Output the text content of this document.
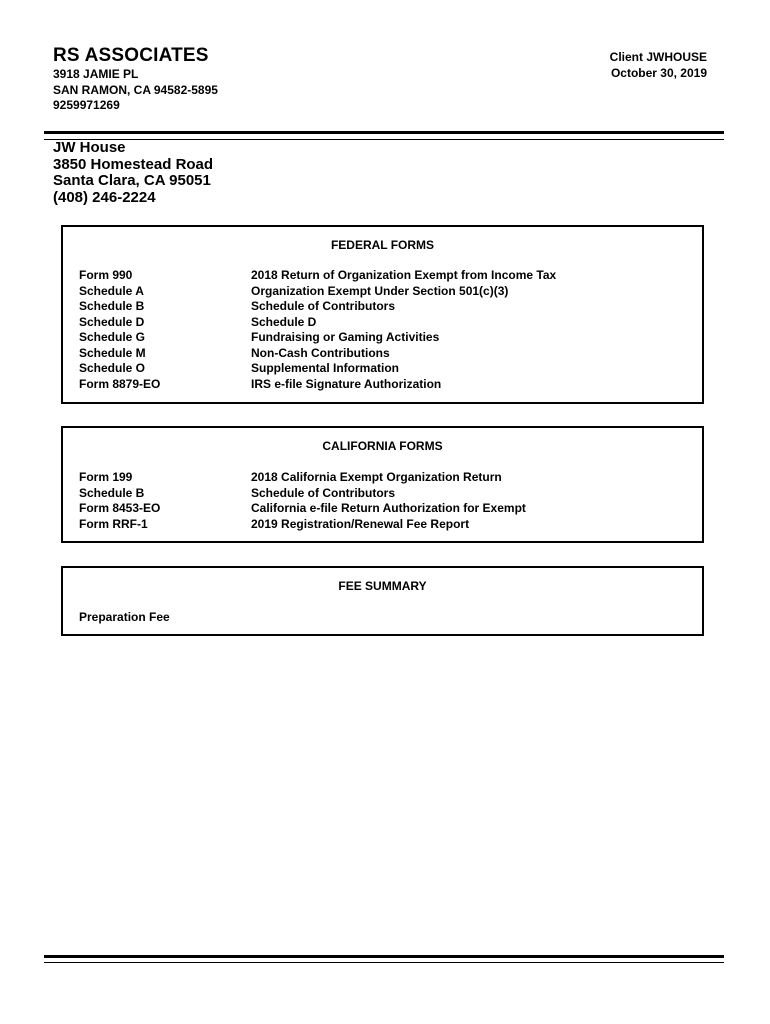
RS ASSOCIATES
3918 JAMIE PL
SAN RAMON, CA 94582-5895
9259971269
Client JWHOUSE
October 30, 2019
JW House
3850 Homestead Road
Santa Clara, CA 95051
(408) 246-2224
FEDERAL FORMS
Form 990	2018 Return of Organization Exempt from Income Tax
Schedule A	Organization Exempt Under Section 501(c)(3)
Schedule B	Schedule of Contributors
Schedule D	Schedule D
Schedule G	Fundraising or Gaming Activities
Schedule M	Non-Cash Contributions
Schedule O	Supplemental Information
Form 8879-EO	IRS e-file Signature Authorization
CALIFORNIA FORMS
Form 199	2018 California Exempt Organization Return
Schedule B	Schedule of Contributors
Form 8453-EO	California e-file Return Authorization for Exempt
Form RRF-1	2019 Registration/Renewal Fee Report
FEE SUMMARY
Preparation Fee
